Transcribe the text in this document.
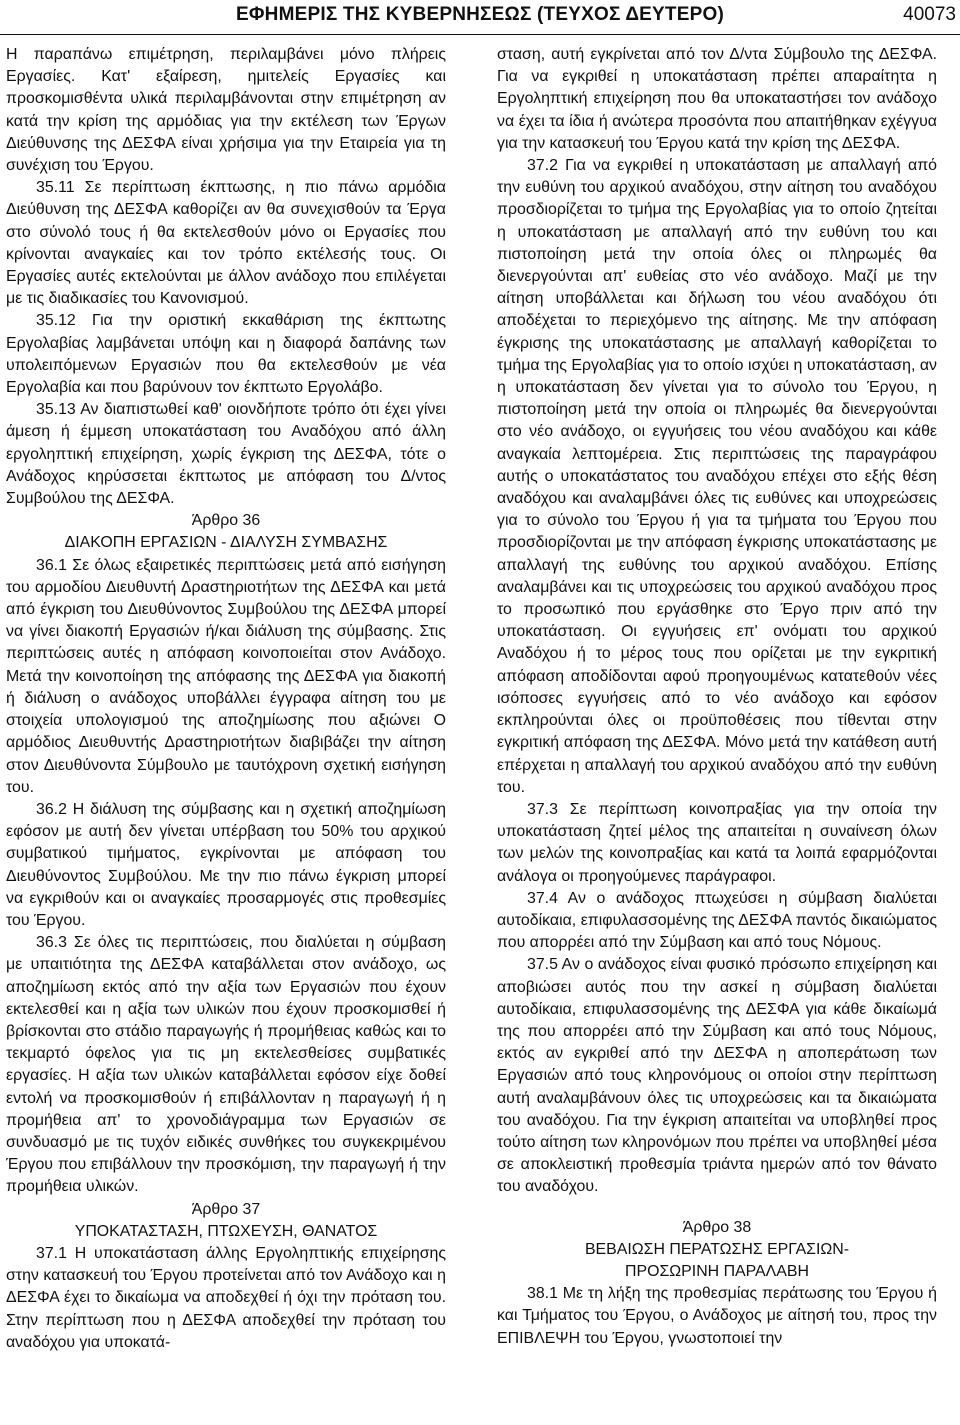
ΕΦΗΜΕΡΙΣ ΤΗΣ ΚΥΒΕΡΝΗΣΕΩΣ (ΤΕΥΧΟΣ ΔΕΥΤΕΡΟ)	40073

Η παραπάνω επιμέτρηση, περιλαμβάνει μόνο πλήρεις Εργασίες. Κατ' εξαίρεση, ημιτελείς Εργασίες και προσκομισθέντα υλικά περιλαμβάνονται στην επιμέτρηση αν κατά την κρίση της αρμόδιας για την εκτέλεση των Έργων Διεύθυνσης της ΔΕΣΦΑ είναι χρήσιμα για την Εταιρεία για τη συνέχιση του Έργου.

35.11 Σε περίπτωση έκπτωσης, η πιο πάνω αρμόδια Διεύθυνση της ΔΕΣΦΑ καθορίζει αν θα συνεχισθούν τα Έργα στο σύνολό τους ή θα εκτελεσθούν μόνο οι Εργασίες που κρίνονται αναγκαίες και τον τρόπο εκτέλεσής τους. Οι Εργασίες αυτές εκτελούνται με άλλον ανάδοχο που επιλέγεται με τις διαδικασίες του Κανονισμού.

35.12 Για την οριστική εκκαθάριση της έκπτωτης Εργολαβίας λαμβάνεται υπόψη και η διαφορά δαπάνης των υπολειπόμενων Εργασιών που θα εκτελεσθούν με νέα Εργολαβία και που βαρύνουν τον έκπτωτο Εργολάβο.

35.13 Αν διαπιστωθεί καθ' οιονδήποτε τρόπο ότι έχει γίνει άμεση ή έμμεση υποκατάσταση του Αναδόχου από άλλη εργοληπτική επιχείρηση, χωρίς έγκριση της ΔΕΣΦΑ, τότε ο Ανάδοχος κηρύσσεται έκπτωτος με απόφαση του Δ/ντος Συμβούλου της ΔΕΣΦΑ.

Άρθρο 36

ΔΙΑΚΟΠΗ ΕΡΓΑΣΙΩΝ - ΔΙΑΛΥΣΗ ΣΥΜΒΑΣΗΣ

36.1 Σε όλως εξαιρετικές περιπτώσεις μετά από εισήγηση του αρμοδίου Διευθυντή Δραστηριοτήτων της ΔΕΣΦΑ και μετά από έγκριση του Διευθύνοντος Συμβούλου της ΔΕΣΦΑ μπορεί να γίνει διακοπή Εργασιών ή/και διάλυση της σύμβασης. Στις περιπτώσεις αυτές η απόφαση κοινοποιείται στον Ανάδοχο. Μετά την κοινοποίηση της απόφασης της ΔΕΣΦΑ για διακοπή ή διάλυση ο ανάδοχος υποβάλλει έγγραφα αίτηση του με στοιχεία υπολογισμού της αποζημίωσης που αξιώνει Ο αρμόδιος Διευθυντής Δραστηριοτήτων διαβιβάζει την αίτηση στον Διευθύνοντα Σύμβουλο με ταυτόχρονη σχετική εισήγηση του.

36.2 Η διάλυση της σύμβασης και η σχετική αποζημίωση εφόσον με αυτή δεν γίνεται υπέρβαση του 50% του αρχικού συμβατικού τιμήματος, εγκρίνονται με απόφαση του Διευθύνοντος Συμβούλου. Με την πιο πάνω έγκριση μπορεί να εγκριθούν και οι αναγκαίες προσαρμογές στις προθεσμίες του Έργου.

36.3 Σε όλες τις περιπτώσεις, που διαλύεται η σύμβαση με υπαιτιότητα της ΔΕΣΦΑ καταβάλλεται στον ανάδοχο, ως αποζημίωση εκτός από την αξία των Εργασιών που έχουν εκτελεσθεί και η αξία των υλικών που έχουν προσκομισθεί ή βρίσκονται στο στάδιο παραγωγής ή προμήθειας καθώς και το τεκμαρτό όφελος για τις μη εκτελεσθείσες συμβατικές εργασίες. Η αξία των υλικών καταβάλλεται εφόσον είχε δοθεί εντολή να προσκομισθούν ή επιβάλλονταν η παραγωγή ή η προμήθεια απ' το χρονοδιάγραμμα των Εργασιών σε συνδυασμό με τις τυχόν ειδικές συνθήκες του συγκεκριμένου Έργου που επιβάλλουν την προσκόμιση, την παραγωγή ή την προμήθεια υλικών.

Άρθρο 37

ΥΠΟΚΑΤΑΣΤΑΣΗ, ΠΤΩΧΕΥΣΗ, ΘΑΝΑΤΟΣ

37.1 Η υποκατάσταση άλλης Εργοληπτικής επιχείρησης στην κατασκευή του Έργου προτείνεται από τον Ανάδοχο και η ΔΕΣΦΑ έχει το δικαίωμα να αποδεχθεί ή όχι την πρόταση του. Στην περίπτωση που η ΔΕΣΦΑ αποδεχθεί την πρόταση του αναδόχου για υποκατά-

σταση, αυτή εγκρίνεται από τον Δ/ντα Σύμβουλο της ΔΕΣΦΑ. Για να εγκριθεί η υποκατάσταση πρέπει απαραίτητα η Εργοληπτική επιχείρηση που θα υποκαταστήσει τον ανάδοχο να έχει τα ίδια ή ανώτερα προσόντα που απαιτήθηκαν εχέγγυα για την κατασκευή του Έργου κατά την κρίση της ΔΕΣΦΑ.

37.2 Για να εγκριθεί η υποκατάσταση με απαλλαγή από την ευθύνη του αρχικού αναδόχου, στην αίτηση του αναδόχου προσδιορίζεται το τμήμα της Εργολαβίας για το οποίο ζητείται η υποκατάσταση με απαλλαγή από την ευθύνη του και πιστοποίηση μετά την οποία όλες οι πληρωμές θα διενεργούνται απ' ευθείας στο νέο ανάδοχο. Μαζί με την αίτηση υποβάλλεται και δήλωση του νέου αναδόχου ότι αποδέχεται το περιεχόμενο της αίτησης. Με την απόφαση έγκρισης της υποκατάστασης με απαλλαγή καθορίζεται το τμήμα της Εργολαβίας για το οποίο ισχύει η υποκατάσταση, αν η υποκατάσταση δεν γίνεται για το σύνολο του Έργου, η πιστοποίηση μετά την οποία οι πληρωμές θα διενεργούνται στο νέο ανάδοχο, οι εγγυήσεις του νέου αναδόχου και κάθε αναγκαία λεπτομέρεια. Στις περιπτώσεις της παραγράφου αυτής ο υποκατάστατος του αναδόχου επέχει στο εξής θέση αναδόχου και αναλαμβάνει όλες τις ευθύνες και υποχρεώσεις για το σύνολο του Έργου ή για τα τμήματα του Έργου που προσδιορίζονται με την απόφαση έγκρισης υποκατάστασης με απαλλαγή της ευθύνης του αρχικού αναδόχου. Επίσης αναλαμβάνει και τις υποχρεώσεις του αρχικού αναδόχου προς το προσωπικό που εργάσθηκε στο Έργο πριν από την υποκατάσταση. Οι εγγυήσεις επ' ονόματι του αρχικού Αναδόχου ή το μέρος τους που ορίζεται με την εγκριτική απόφαση αποδίδονται αφού προηγουμένως κατατεθούν νέες ισόποσες εγγυήσεις από το νέο ανάδοχο και εφόσον εκπληρούνται όλες οι προϋποθέσεις που τίθενται στην εγκριτική απόφαση της ΔΕΣΦΑ. Μόνο μετά την κατάθεση αυτή επέρχεται η απαλλαγή του αρχικού αναδόχου από την ευθύνη του.

37.3 Σε περίπτωση κοινοπραξίας για την οποία την υποκατάσταση ζητεί μέλος της απαιτείται η συναίνεση όλων των μελών της κοινοπραξίας και κατά τα λοιπά εφαρμόζονται ανάλογα οι προηγούμενες παράγραφοι.

37.4 Αν ο ανάδοχος πτωχεύσει η σύμβαση διαλύεται αυτοδίκαια, επιφυλασσομένης της ΔΕΣΦΑ παντός δικαιώματος που απορρέει από την Σύμβαση και από τους Νόμους.

37.5 Αν ο ανάδοχος είναι φυσικό πρόσωπο επιχείρηση και αποβιώσει αυτός που την ασκεί η σύμβαση διαλύεται αυτοδίκαια, επιφυλασσομένης της ΔΕΣΦΑ για κάθε δικαίωμά της που απορρέει από την Σύμβαση και από τους Νόμους, εκτός αν εγκριθεί από την ΔΕΣΦΑ η αποπεράτωση των Εργασιών από τους κληρονόμους οι οποίοι στην περίπτωση αυτή αναλαμβάνουν όλες τις υποχρεώσεις και τα δικαιώματα του αναδόχου. Για την έγκριση απαιτείται να υποβληθεί προς τούτο αίτηση των κληρονόμων που πρέπει να υποβληθεί μέσα σε αποκλειστική προθεσμία τριάντα ημερών από τον θάνατο του αναδόχου.

Άρθρο 38

ΒΕΒΑΙΩΣΗ ΠΕΡΑΤΩΣΗΣ ΕΡΓΑΣΙΩΝ-

ΠΡΟΣΩΡΙΝΗ ΠΑΡΑΛΑΒΗ

38.1 Με τη λήξη της προθεσμίας περάτωσης του Έργου ή και Τμήματος του Έργου, ο Ανάδοχος με αίτησή του, προς την ΕΠΙΒΛΕΨΗ του Έργου, γνωστοποιεί την
